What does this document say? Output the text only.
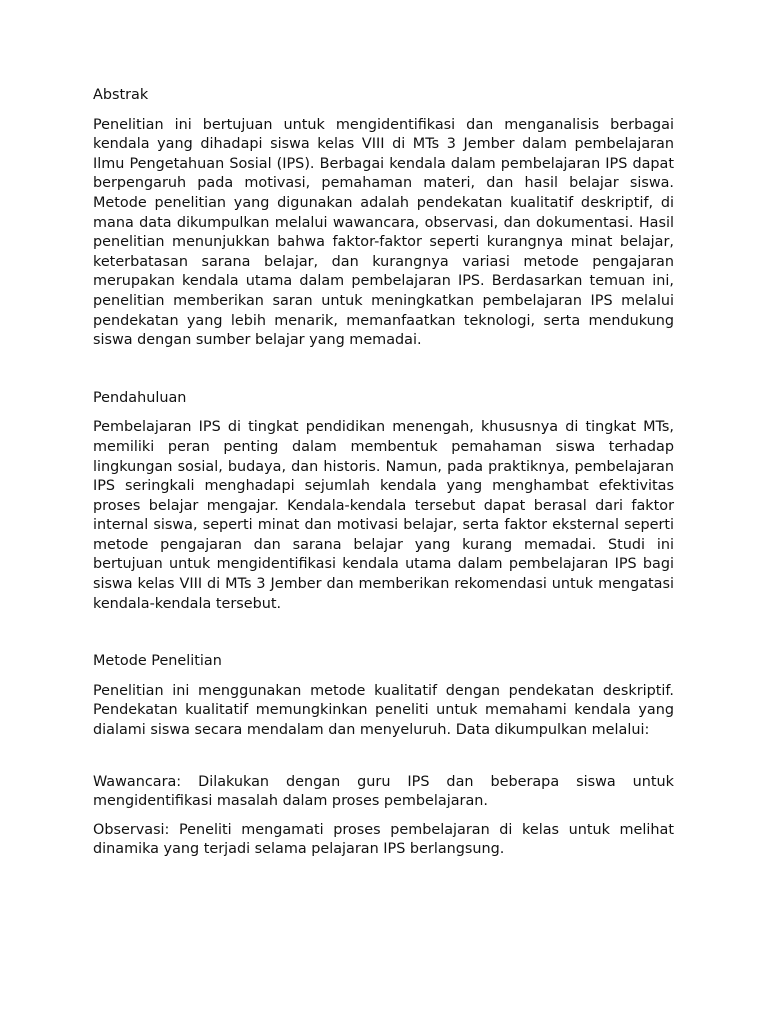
Abstrak

Penelitian ini bertujuan untuk mengidentifikasi dan menganalisis berbagai kendala yang dihadapi siswa kelas VIII di MTs 3 Jember dalam pembelajaran Ilmu Pengetahuan Sosial (IPS). Berbagai kendala dalam pembelajaran IPS dapat berpengaruh pada motivasi, pemahaman materi, dan hasil belajar siswa. Metode penelitian yang digunakan adalah pendekatan kualitatif deskriptif, di mana data dikumpulkan melalui wawancara, observasi, dan dokumentasi. Hasil penelitian menunjukkan bahwa faktor-faktor seperti kurangnya minat belajar, keterbatasan sarana belajar, dan kurangnya variasi metode pengajaran merupakan kendala utama dalam pembelajaran IPS. Berdasarkan temuan ini, penelitian memberikan saran untuk meningkatkan pembelajaran IPS melalui pendekatan yang lebih menarik, memanfaatkan teknologi, serta mendukung siswa dengan sumber belajar yang memadai.

Pendahuluan

Pembelajaran IPS di tingkat pendidikan menengah, khususnya di tingkat MTs, memiliki peran penting dalam membentuk pemahaman siswa terhadap lingkungan sosial, budaya, dan historis. Namun, pada praktiknya, pembelajaran IPS seringkali menghadapi sejumlah kendala yang menghambat efektivitas proses belajar mengajar. Kendala-kendala tersebut dapat berasal dari faktor internal siswa, seperti minat dan motivasi belajar, serta faktor eksternal seperti metode pengajaran dan sarana belajar yang kurang memadai. Studi ini bertujuan untuk mengidentifikasi kendala utama dalam pembelajaran IPS bagi siswa kelas VIII di MTs 3 Jember dan memberikan rekomendasi untuk mengatasi kendala-kendala tersebut.

Metode Penelitian

Penelitian ini menggunakan metode kualitatif dengan pendekatan deskriptif. Pendekatan kualitatif memungkinkan peneliti untuk memahami kendala yang dialami siswa secara mendalam dan menyeluruh. Data dikumpulkan melalui:

Wawancara: Dilakukan dengan guru IPS dan beberapa siswa untuk mengidentifikasi masalah dalam proses pembelajaran.

Observasi: Peneliti mengamati proses pembelajaran di kelas untuk melihat dinamika yang terjadi selama pelajaran IPS berlangsung.
